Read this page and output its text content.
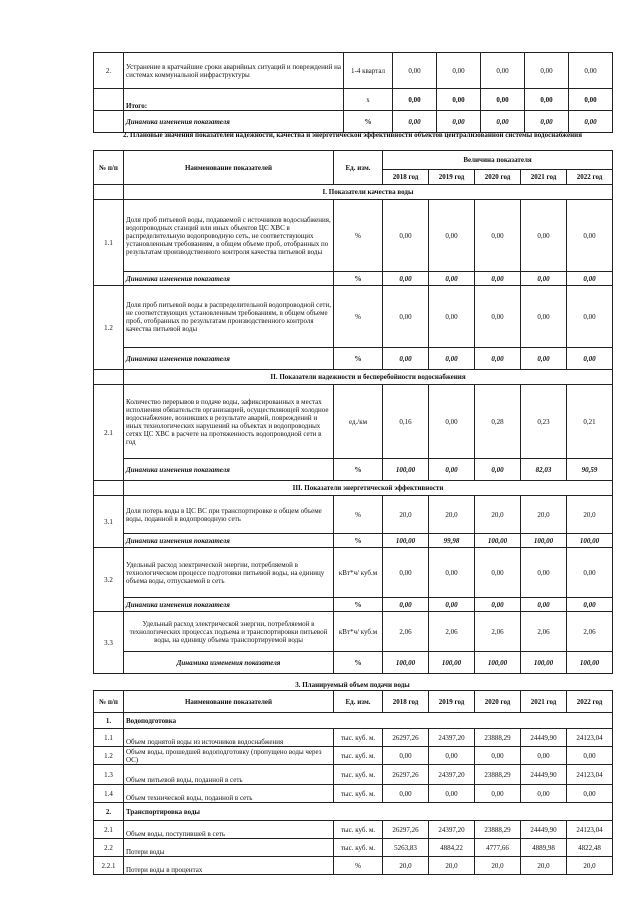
2.	Устранение в кратчайшие сроки аварийных ситуаций и повреждений на системах коммунальной инфраструктуры	1-4 квартал	0,00	0,00	0,00	0,00	0,00
	Итого:	х	0,00	0,00	0,00	0,00	0,00
	Динамика изменения показателя	%	0,00	0,00	0,00	0,00	0,00
2. Плановые значения показателей надежности, качества и энергетической эффективности объектов централизованной системы водоснабжения
№ п/п	Наименование показателей	Ед. изм.	Величина показателя				
			2018 год	2019 год	2020 год	2021 год	2022 год
	I. Показатели качества воды						
1.1	Доля проб питьевой воды, подаваемой с источников водоснабжения, водопроводных станций или иных объектов ЦС ХВС в распределительную водопроводную сеть, не соответствующих установленным требованиям, в общем объеме проб, отобранных по результатам производственного контроля качества питьевой воды	%	0,00	0,00	0,00	0,00	0,00
	Динамика изменения показателя	%	0,00	0,00	0,00	0,00	0,00
1.2	Доля проб питьевой воды в распределительной водопроводной сети, не соответствующих установленным требованиям, в общем объеме проб, отобранных по результатам производственного контроля качества питьевой воды	%	0,00	0,00	0,00	0,00	0,00
	Динамика изменения показателя	%	0,00	0,00	0,00	0,00	0,00
	II. Показатели надежности и бесперебойности водоснабжения						
2.1	Количество перерывов в подаче воды, зафиксированных в местах исполнения обязательств организацией, осуществляющей холодное водоснабжение, возникших в результате аварий, повреждений и иных технологических нарушений на объектах и водопроводных сетях ЦС ХВС в расчете на протяженность водопроводной сети в год	ед./км	0,16	0,00	0,28	0,23	0,21
	Динамика изменения показателя	%	100,00	0,00	0,00	82,03	90,59
	III. Показатели энергетической эффективности						
3.1	Доля потерь воды в ЦС ВС при транспортировке в общем объеме воды, поданной в водопроводную сеть	%	20,0	20,0	20,0	20,0	20,0
	Динамика изменения показателя	%	100,00	99,98	100,00	100,00	100,00
3.2	Удельный расход электрической энергии, потребляемой в технологическом процессе подготовки питьевой воды, на единицу объема воды, отпускаемой в сеть	кВт*ч/ куб.м	0,00	0,00	0,00	0,00	0,00
	Динамика изменения показателя	%	0,00	0,00	0,00	0,00	0,00
3.3	Удельный расход электрической энергии, потребляемой в технологических процессах подъема и транспортировки питьевой воды, на единицу объема транспортируемой воды	кВт*ч/ куб.м	2,06	2,06	2,06	2,06	2,06
	Динамика изменения показателя	%	100,00	100,00	100,00	100,00	100,00
3. Планируемый объем подачи воды
№ п/п	Наименование показателей	Ед. изм.	2018 год	2019 год	2020 год	2021 год	2022 год
1.	Водоподготовка						
1.1	Объем поднятой воды из источников водоснабжения	тыс. куб. м.	26297,26	24397,20	23888,29	24449,90	24123,04
1.2	Объем воды, прошедшей водоподготовку (пропущено воды через ОС)	тыс. куб. м.	0,00	0,00	0,00	0,00	0,00
1.3	Объем питьевой воды, поданной в сеть	тыс. куб. м.	26297,26	24397,20	23888,29	24449,90	24123,04
1.4	Объем технической воды, поданной в сеть	тыс. куб. м.	0,00	0,00	0,00	0,00	0,00
2.	Транспортировка воды						
2.1	Объем воды, поступившей в сеть	тыс. куб. м.	26297,26	24397,20	23888,29	24449,90	24123,04
2.2	Потери воды	тыс. куб. м.	5263,83	4884,22	4777,66	4889,98	4822,48
2.2.1	Потери воды в процентах	%	20,0	20,0	20,0	20,0	20,0
